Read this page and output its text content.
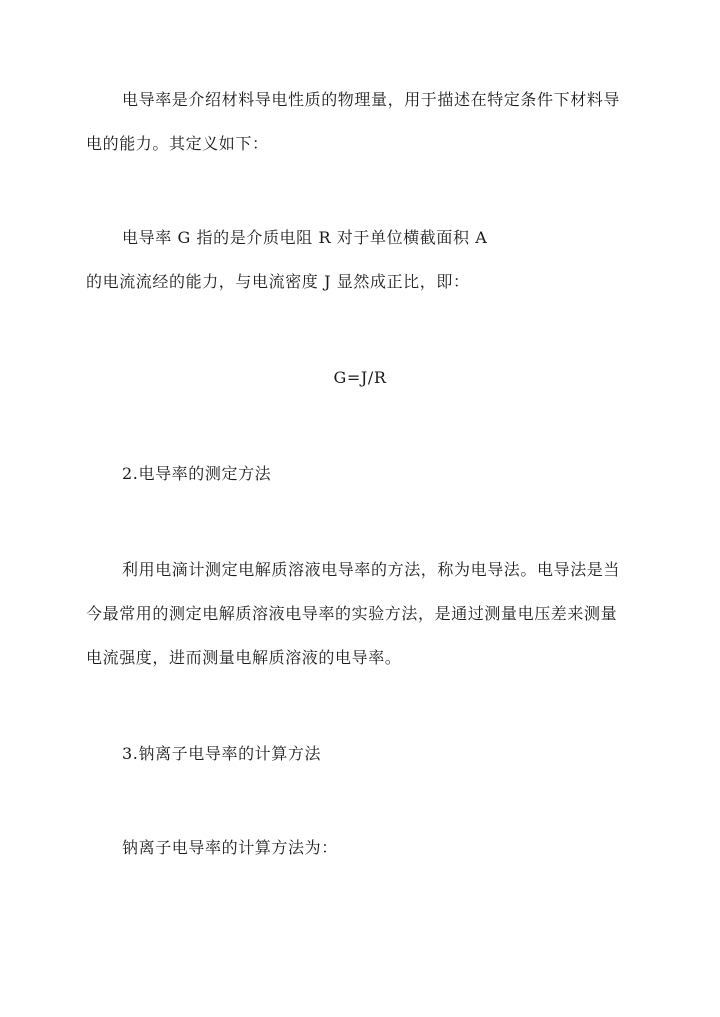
电导率是介绍材料导电性质的物理量，用于描述在特定条件下材料导
电的能力。其定义如下：
电导率 G 指的是介质电阻 R 对于单位横截面积 A
的电流流经的能力，与电流密度 J 显然成正比，即：
G=J/R
2.电导率的测定方法
利用电滴计测定电解质溶液电导率的方法，称为电导法。电导法是当
今最常用的测定电解质溶液电导率的实验方法，是通过测量电压差来测量
电流强度，进而测量电解质溶液的电导率。
3.钠离子电导率的计算方法
钠离子电导率的计算方法为：
